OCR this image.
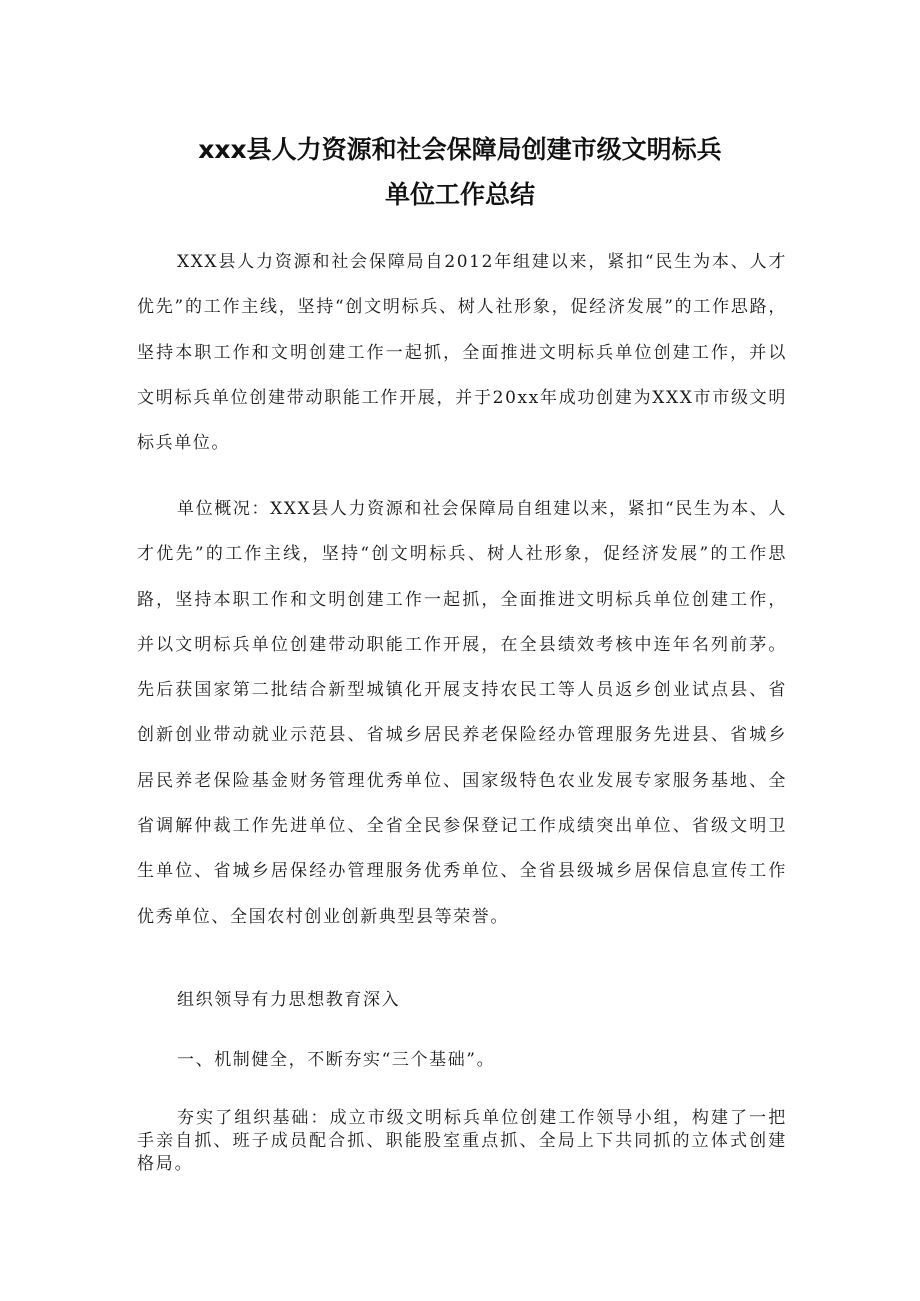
xxx县人力资源和社会保障局创建市级文明标兵
单位工作总结

XXX县人力资源和社会保障局自2012年组建以来，紧扣“民生为本、人才优先”的工作主线，坚持“创文明标兵、树人社形象，促经济发展”的工作思路，坚持本职工作和文明创建工作一起抓，全面推进文明标兵单位创建工作，并以文明标兵单位创建带动职能工作开展，并于20xx年成功创建为XXX市市级文明标兵单位。

单位概况：XXX县人力资源和社会保障局自组建以来，紧扣“民生为本、人才优先”的工作主线，坚持“创文明标兵、树人社形象，促经济发展”的工作思路，坚持本职工作和文明创建工作一起抓，全面推进文明标兵单位创建工作，并以文明标兵单位创建带动职能工作开展，在全县绩效考核中连年名列前茅。先后获国家第二批结合新型城镇化开展支持农民工等人员返乡创业试点县、省创新创业带动就业示范县、省城乡居民养老保险经办管理服务先进县、省城乡居民养老保险基金财务管理优秀单位、国家级特色农业发展专家服务基地、全省调解仲裁工作先进单位、全省全民参保登记工作成绩突出单位、省级文明卫生单位、省城乡居保经办管理服务优秀单位、全省县级城乡居保信息宣传工作优秀单位、全国农村创业创新典型县等荣誉。

组织领导有力思想教育深入

一、机制健全，不断夯实“三个基础”。

夯实了组织基础：成立市级文明标兵单位创建工作领导小组，构建了一把手亲自抓、班子成员配合抓、职能股室重点抓、全局上下共同抓的立体式创建格局。
